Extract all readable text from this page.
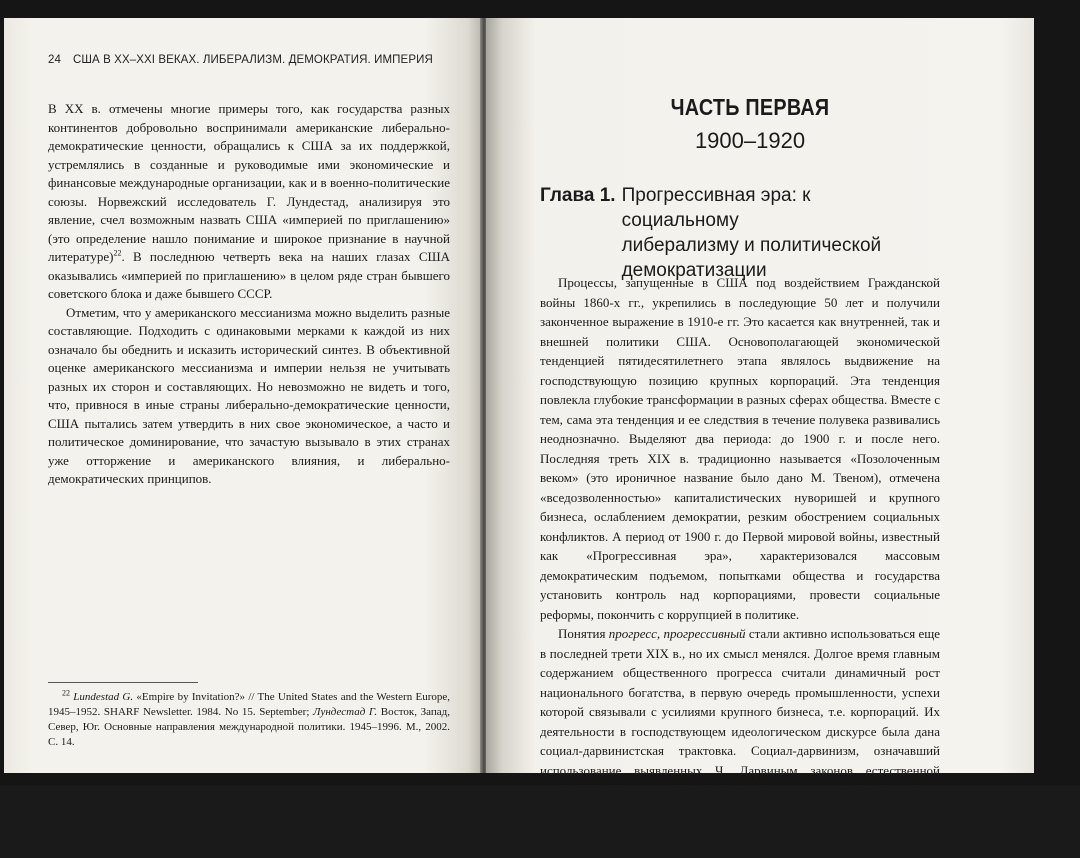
24 США В XX–XXI ВЕКАХ. ЛИБЕРАЛИЗМ. ДЕМОКРАТИЯ. ИМПЕРИЯ

В XX в. отмечены многие примеры того, как государства разных континентов добровольно воспринимали американские либерально-демократические ценности, обращались к США за их поддержкой, устремлялись в созданные и руководимые ими экономические и финансовые международные организации, как и в военно-политические союзы. Норвежский исследователь Г. Лундестад, анализируя это явление, счел возможным назвать США «империей по приглашению» (это определение нашло понимание и широкое признание в научной литературе)$^{22}$. В последнюю четверть века на наших глазах США оказывались «империей по приглашению» в целом ряде стран бывшего советского блока и даже бывшего СССР.

Отметим, что у американского мессианизма можно выделить разные составляющие. Подходить с одинаковыми мерками к каждой из них означало бы обеднить и исказить исторический синтез. В объективной оценке американского мессианизма и империи нельзя не учитывать разных их сторон и составляющих. Но невозможно не видеть и того, что, привнося в иные страны либерально-демократические ценности, США пытались затем утвердить в них свое экономическое, а часто и политическое доминирование, что зачастую вызывало в этих странах уже отторжение и американского влияния, и либерально-демократических принципов.

$^{22}$ Lundestad G. «Empire by Invitation?» // The United States and the Western Europe, 1945–1952. SHARF Newsletter. 1984. No 15. September; Лундестад Г. Восток, Запад, Север, Юг. Основные направления международной политики. 1945–1996. М., 2002. С. 14.
ЧАСТЬ ПЕРВАЯ
1900–1920
Глава 1. Прогрессивная эра: к социальному
либерализму и политической
демократизации

Процессы, запущенные в США под воздействием Гражданской войны 1860-х гг., укрепились в последующие 50 лет и получили законченное выражение в 1910-е гг. Это касается как внутренней, так и внешней политики США. Основополагающей экономической тенденцией пятидесятилетнего этапа являлось выдвижение на господствующую позицию крупных корпораций. Эта тенденция повлекла глубокие трансформации в разных сферах общества. Вместе с тем, сама эта тенденция и ее следствия в течение полувека развивались неоднозначно. Выделяют два периода: до 1900 г. и после него. Последняя треть XIX в. традиционно называется «Позолоченным веком» (это ироничное название было дано М. Твеном), отмечена «вседозволенностью» капиталистических нуворишей и крупного бизнеса, ослаблением демократии, резким обострением социальных конфликтов. А период от 1900 г. до Первой мировой войны, известный как «Прогрессивная эра», характеризовался массовым демократическим подъемом, попытками общества и государства установить контроль над корпорациями, провести социальные реформы, покончить с коррупцией в политике.

Понятия прогресс, прогрессивный стали активно использоваться еще в последней трети XIX в., но их смысл менялся. Долгое время главным содержанием общественного прогресса считали динамичный рост национального богатства, в первую очередь промышленности, успехи которой связывали с усилиями крупного бизнеса, т.е. корпораций. Их деятельности в господствующем идеологическом дискурсе была дана социал-дарвинистская трактовка. Социал-дарвинизм, означавший использование выявленных Ч. Дарвиным законов естественной эволюции для объяснения общественных явлений, был сформулирован англичанином Г. Спенсером, но свою истинную родину он обрел в США. Американские социал-дарвинисты во главе с социологом У.Г. Самнером объясняли возвышение круп-
